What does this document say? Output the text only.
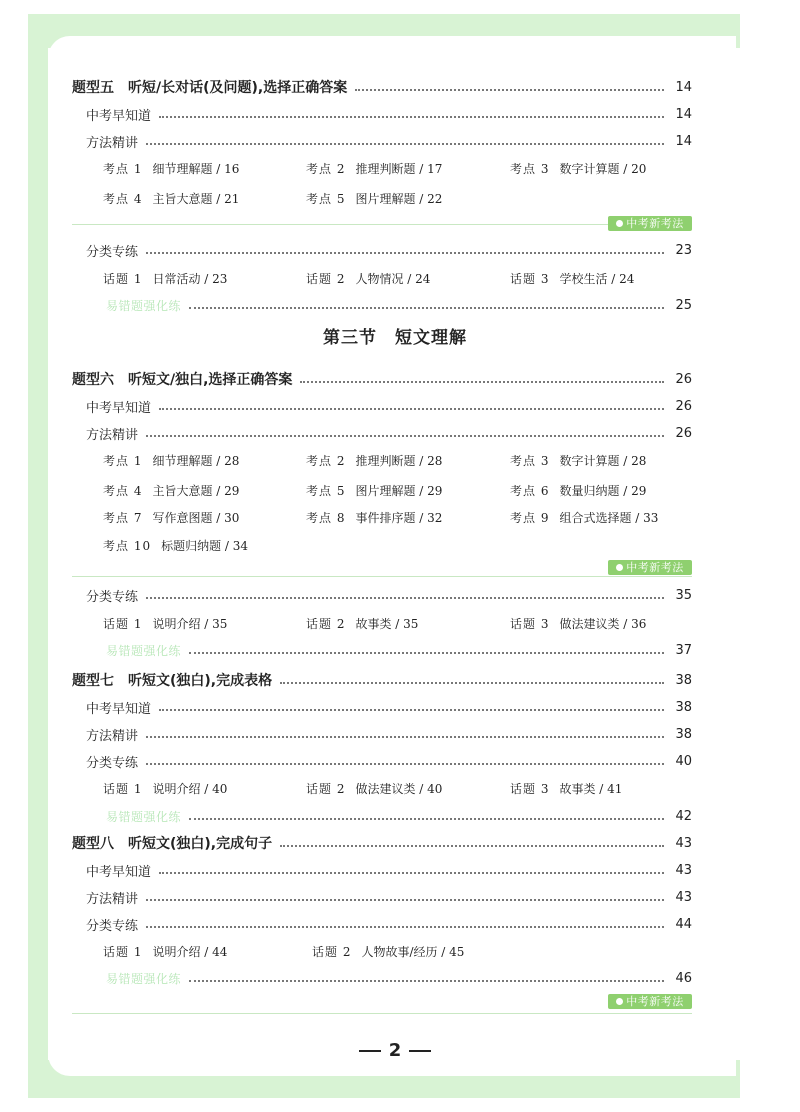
题型五　听短/长对话(及问题),选择正确答案	14
中考早知道	14
方法精讲	14
考点 1 细节理解题 / 16	考点 2 推理判断题 / 17	考点 3 数字计算题 / 20
考点 4 主旨大意题 / 21	考点 5 图片理解题 / 22
中考新考法
分类专练	23
话题 1 日常活动 / 23	话题 2 人物情况 / 24	话题 3 学校生活 / 24
易错题强化练	25
第三节　短文理解
题型六　听短文/独白,选择正确答案	26
中考早知道	26
方法精讲	26
考点 1 细节理解题 / 28	考点 2 推理判断题 / 28	考点 3 数字计算题 / 28
考点 4 主旨大意题 / 29	考点 5 图片理解题 / 29	考点 6 数量归纳题 / 29
考点 7 写作意图题 / 30	考点 8 事件排序题 / 32	考点 9 组合式选择题 / 33
考点 10 标题归纳题 / 34
中考新考法
分类专练	35
话题 1 说明介绍 / 35	话题 2 故事类 / 35	话题 3 做法建议类 / 36
易错题强化练	37
题型七　听短文(独白),完成表格	38
中考早知道	38
方法精讲	38
分类专练	40
话题 1 说明介绍 / 40	话题 2 做法建议类 / 40	话题 3 故事类 / 41
易错题强化练	42
题型八　听短文(独白),完成句子	43
中考早知道	43
方法精讲	43
分类专练	44
话题 1 说明介绍 / 44	话题 2 人物故事/经历 / 45
易错题强化练	46
中考新考法
2
